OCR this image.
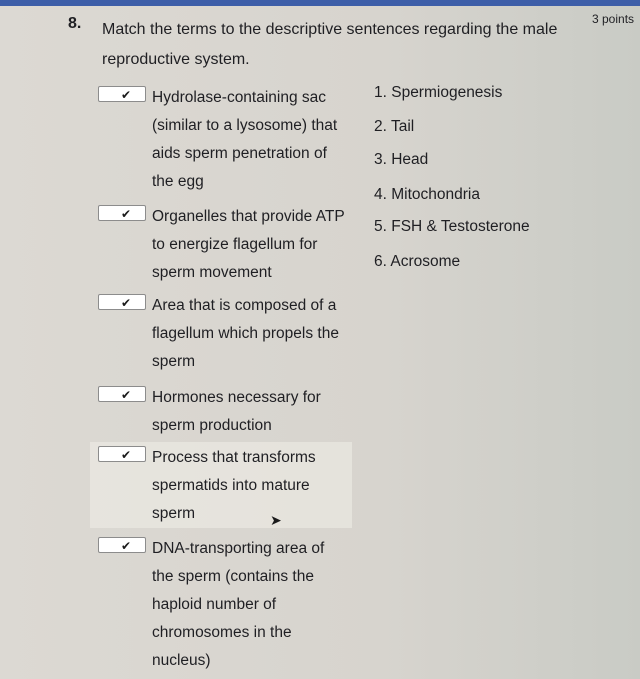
8. Match the terms to the descriptive sentences regarding the male reproductive system.
3 points
✔ Hydrolase-containing sac
(similar to a lysosome) that
aids sperm penetration of
the egg
✔ Organelles that provide ATP
to energize flagellum for
sperm movement
✔ Area that is composed of a
flagellum which propels the
sperm
✔ Hormones necessary for
sperm production
✔ Process that transforms
spermatids into mature
sperm
✔ DNA-transporting area of
the sperm (contains the
haploid number of
chromosomes in the
nucleus)
1. Spermiogenesis
2. Tail
3. Head
4. Mitochondria
5. FSH & Testosterone
6. Acrosome
➤
